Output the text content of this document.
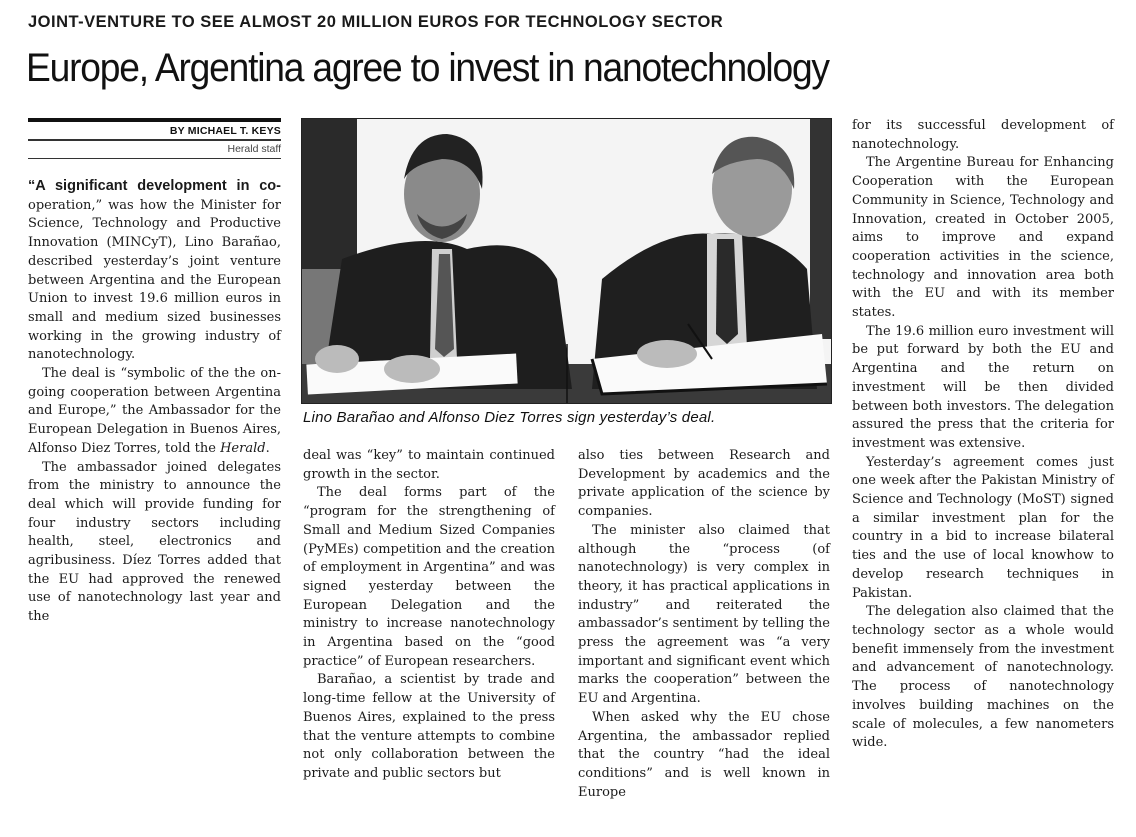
JOINT-VENTURE TO SEE ALMOST 20 MILLION EUROS FOR TECHNOLOGY SECTOR
Europe, Argentina agree to invest in nanotechnology
BY MICHAEL T. KEYS
Herald staff

“A significant development in co- operation,” was how the Minister for Science, Technology and Productive Innovation (MINCyT), Lino Barañao, described yesterday’s joint venture between Argentina and the European Union to invest 19.6 million euros in small and medium sized businesses working in the growing industry of nanotechnology.

The deal is “symbolic of the the on-going cooperation between Argentina and Europe,” the Ambassador for the European Delegation in Buenos Aires, Alfonso Diez Torres, told the Herald.

The ambassador joined delegates from the ministry to announce the deal which will provide funding for four industry sectors including health, steel, electronics and agribusiness. Díez Torres added that the EU had approved the renewed use of nanotechnology last year and the

Lino Barañao and Alfonso Diez Torres sign yesterday’s deal.

deal was “key” to maintain continued growth in the sector.

The deal forms part of the “program for the strengthening of Small and Medium Sized Companies (PyMEs) competition and the creation of employment in Argentina” and was signed yesterday between the European Delegation and the ministry to increase nanotechnology in Argentina based on the “good practice” of European researchers.

Barañao, a scientist by trade and long-time fellow at the University of Buenos Aires, explained to the press that the venture attempts to combine not only collaboration between the private and public sectors but

also ties between Research and Development by academics and the private application of the science by companies.

The minister also claimed that although the “process (of nanotechnology) is very complex in theory, it has practical applications in industry” and reiterated the ambassador’s sentiment by telling the press the agreement was “a very important and significant event which marks the cooperation” between the EU and Argentina.

When asked why the EU chose Argentina, the ambassador replied that the country “had the ideal conditions” and is well known in Europe

for its successful development of nanotechnology.

The Argentine Bureau for Enhancing Cooperation with the European Community in Science, Technology and Innovation, created in October 2005, aims to improve and expand cooperation activities in the science, technology and innovation area both with the EU and with its member states.

The 19.6 million euro investment will be put forward by both the EU and Argentina and the return on investment will be then divided between both investors. The delegation assured the press that the criteria for investment was extensive.

Yesterday’s agreement comes just one week after the Pakistan Ministry of Science and Technology (MoST) signed a similar investment plan for the country in a bid to increase bilateral ties and the use of local knowhow to develop research techniques in Pakistan.

The delegation also claimed that the technology sector as a whole would benefit immensely from the investment and advancement of nanotechnology. The process of nanotechnology involves building machines on the scale of molecules, a few nanometers wide.
